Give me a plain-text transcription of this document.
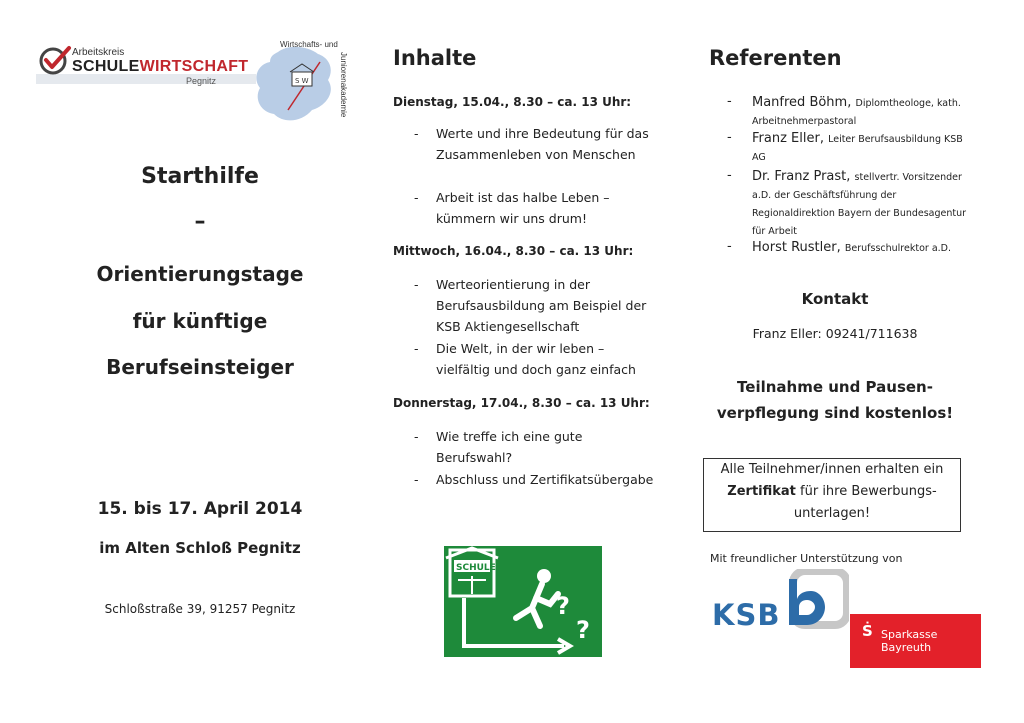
Arbeitskreis
SCHULEWIRTSCHAFT
Pegnitz
Wirtschafts- und
Juniorenakademie
S W
Starthilfe
–
Orientierungstage
für künftige
Berufseinsteiger
15. bis 17. April 2014
im Alten Schloß Pegnitz
Schloßstraße 39, 91257 Pegnitz
Inhalte
Dienstag, 15.04., 8.30 – ca. 13 Uhr:
-	Werte und ihre Bedeutung für das Zusammenleben von Menschen
-	Arbeit ist das halbe Leben – kümmern wir uns drum!
Mittwoch, 16.04., 8.30 – ca. 13 Uhr:
-	Werteorientierung in der Berufsausbildung am Beispiel der KSB Aktiengesellschaft
-	Die Welt, in der wir leben – vielfältig und doch ganz einfach
Donnerstag, 17.04., 8.30 – ca. 13 Uhr:
-	Wie treffe ich eine gute Berufswahl?
-	Abschluss und Zertifikatsübergabe
SCHULE
?
?
Referenten
-	Manfred Böhm, Diplomtheologe, kath. Arbeitnehmerpastoral
-	Franz Eller, Leiter Berufsausbildung KSB AG
-	Dr. Franz Prast, stellvertr. Vorsitzender a.D. der Geschäftsführung der Regionaldirektion Bayern der Bundesagentur für Arbeit
-	Horst Rustler, Berufsschulrektor a.D.
Kontakt
Franz Eller: 09241/711638
Teilnahme und Pausen-
verpflegung sind kostenlos!
Alle Teilnehmer/innen erhalten ein
Zertifikat für ihre Bewerbungs-
unterlagen!
Mit freundlicher Unterstützung von
KSB	Ṡ Sparkasse
Bayreuth
